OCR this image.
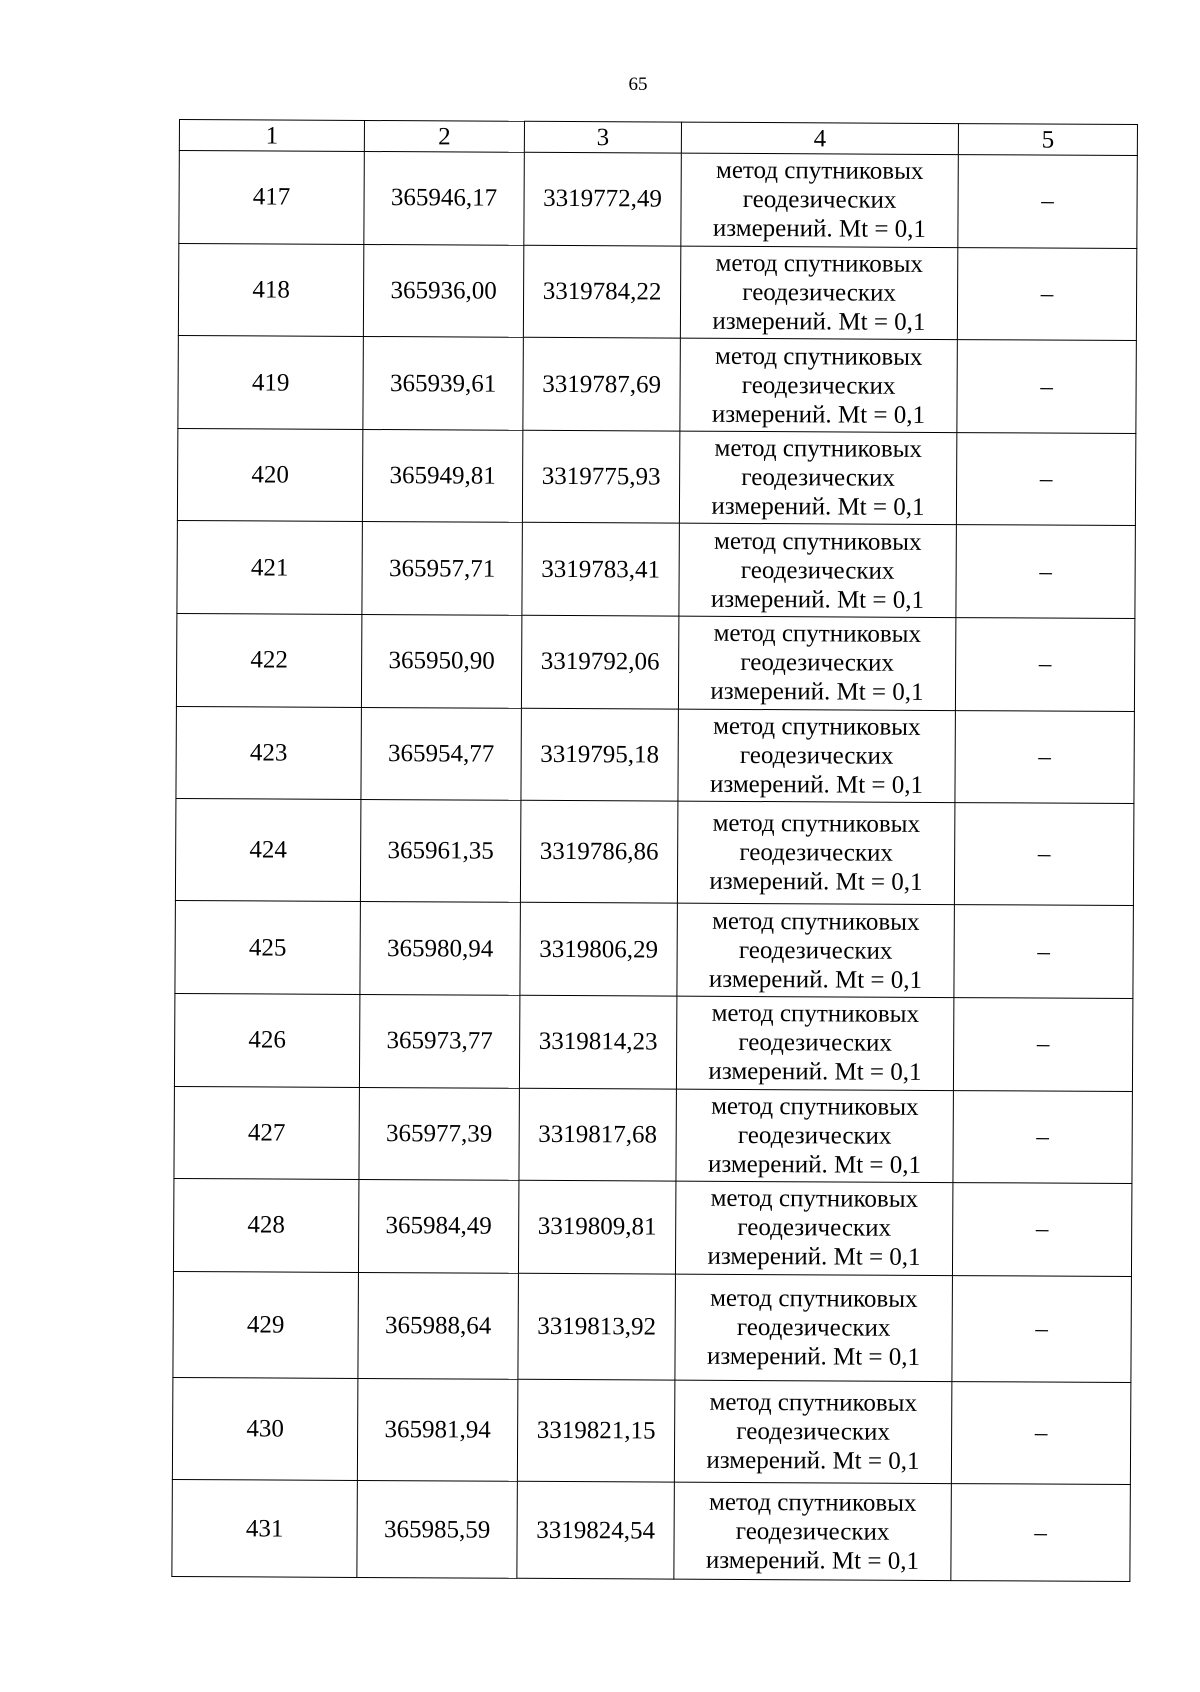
65
1	2	3	4	5
417	365946,17	3319772,49	метод спутниковых геодезических измерений. Mt = 0,1	–
418	365936,00	3319784,22	метод спутниковых геодезических измерений. Mt = 0,1	–
419	365939,61	3319787,69	метод спутниковых геодезических измерений. Mt = 0,1	–
420	365949,81	3319775,93	метод спутниковых геодезических измерений. Mt = 0,1	–
421	365957,71	3319783,41	метод спутниковых геодезических измерений. Mt = 0,1	–
422	365950,90	3319792,06	метод спутниковых геодезических измерений. Mt = 0,1	–
423	365954,77	3319795,18	метод спутниковых геодезических измерений. Mt = 0,1	–
424	365961,35	3319786,86	метод спутниковых геодезических измерений. Mt = 0,1	–
425	365980,94	3319806,29	метод спутниковых геодезических измерений. Mt = 0,1	–
426	365973,77	3319814,23	метод спутниковых геодезических измерений. Mt = 0,1	–
427	365977,39	3319817,68	метод спутниковых геодезических измерений. Mt = 0,1	–
428	365984,49	3319809,81	метод спутниковых геодезических измерений. Mt = 0,1	–
429	365988,64	3319813,92	метод спутниковых геодезических измерений. Mt = 0,1	–
430	365981,94	3319821,15	метод спутниковых геодезических измерений. Mt = 0,1	–
431	365985,59	3319824,54	метод спутниковых геодезических измерений. Mt = 0,1	–
